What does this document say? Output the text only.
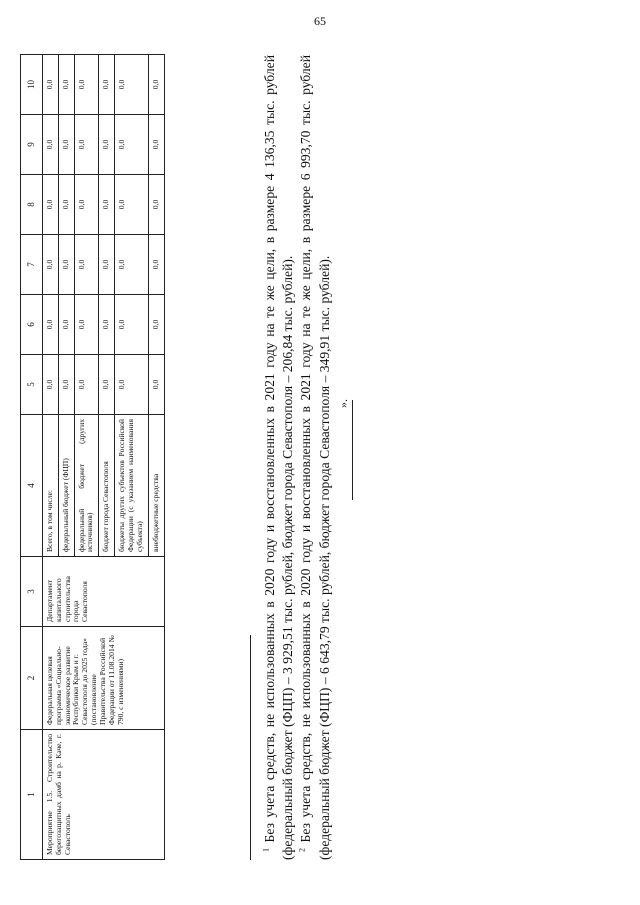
65
1	2	3	4	5	6	7	8	9	10
Мероприятие 1.5. Строительство берегозащитных дамб на р. Каче, г. Севастополь	Федеральная целевая программа «Социально-экономическое развитие Республики Крым и г. Севастополя до 2025 года» (постановление Правительства Российской Федерации от 11.08.2014 № 790, с изменениями)	Департамент капитального строительства города Севастополя	Всего, в том числе:	0,0	0,0	0,0	0,0	0,0	0,0
			федеральный бюджет (ФЦП)	0,0	0,0	0,0	0,0	0,0	0,0
			федеральный бюджет (других источников)	0,0	0,0	0,0	0,0	0,0	0,0
			бюджет города Севастополя	0,0	0,0	0,0	0,0	0,0	0,0
			бюджеты других субъектов Российской Федерации (с указанием наименования субъекта)	0,0	0,0	0,0	0,0	0,0	0,0
			внебюджетные средства	0,0	0,0	0,0	0,0	0,0	0,0

$^1$ Без учета средств, не использованных в 2020 году и восстановленных в 2021 году на те же цели, в размере 4 136,35 тыс. рублей (федеральный бюджет (ФЦП) – 3 929,51 тыс. рублей, бюджет города Севастополя – 206,84 тыс. рублей). $^2$ Без учета средств, не использованных в 2020 году и восстановленных в 2021 году на те же цели, в размере 6 993,70 тыс. рублей (федеральный бюджет (ФЦП) – 6 643,79 тыс. рублей, бюджет города Севастополя – 349,91 тыс. рублей). ».
